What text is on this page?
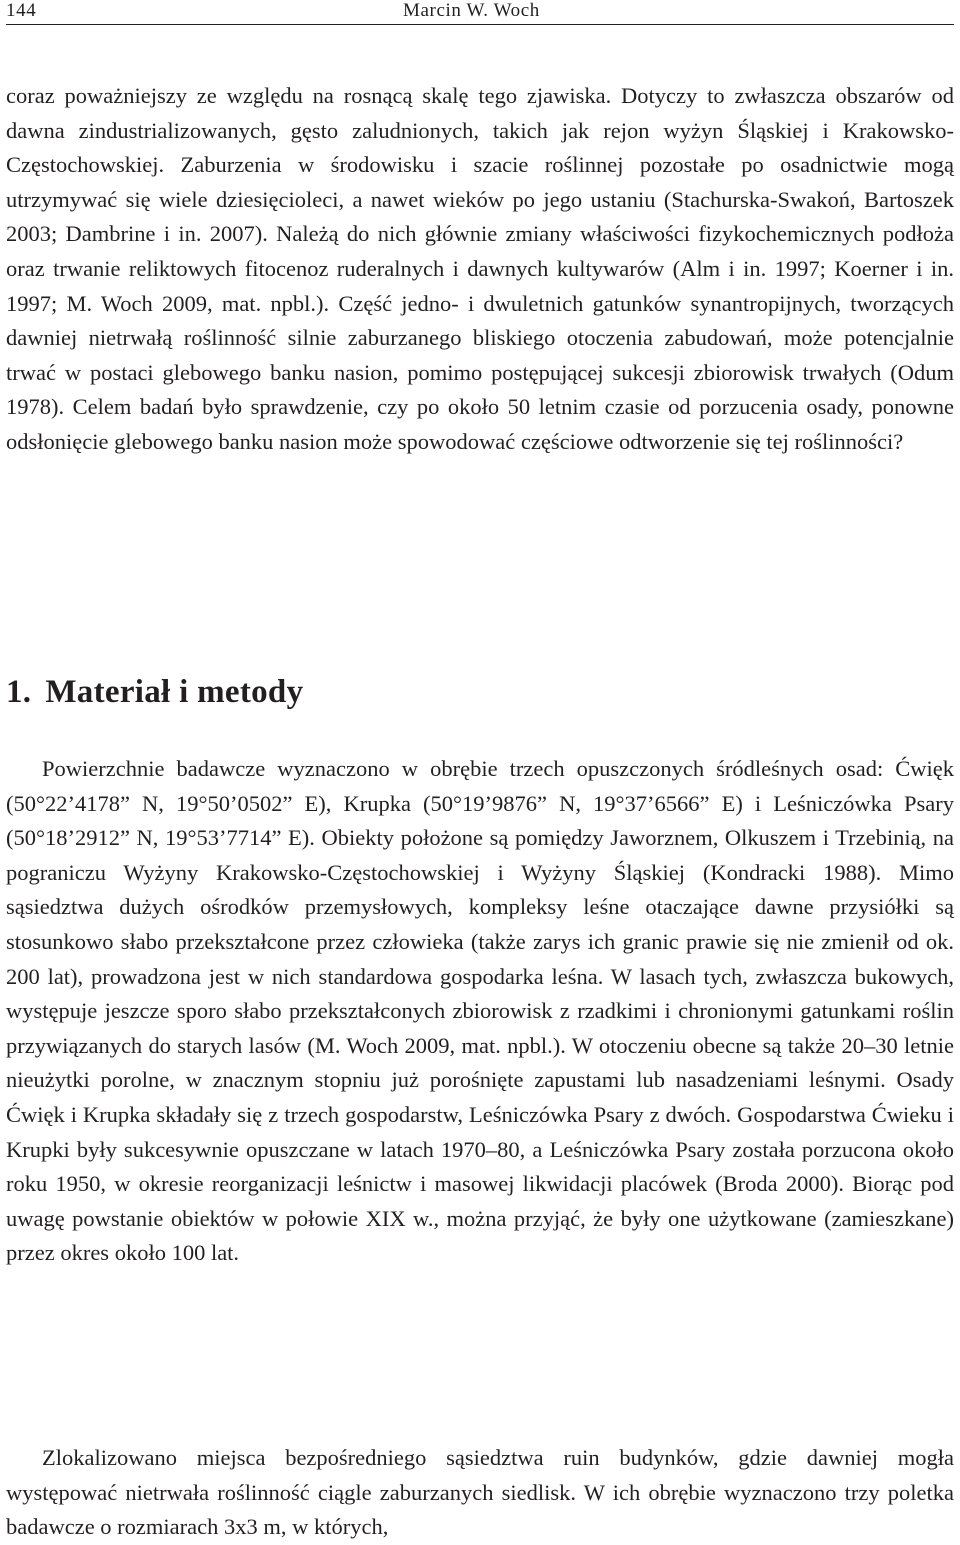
144	Marcin W. Woch

coraz poważniejszy ze względu na rosnącą skalę tego zjawiska. Dotyczy to zwłaszcza obszarów od dawna zindustrializowanych, gęsto zaludnionych, takich jak rejon wyżyn Śląskiej i Krakowsko-Częstochowskiej. Zaburzenia w środowisku i szacie roślinnej pozostałe po osadnictwie mogą utrzymywać się wiele dziesięcioleci, a nawet wieków po jego ustaniu (Stachurska-Swakoń, Bartoszek 2003; Dambrine i in. 2007). Należą do nich głównie zmiany właściwości fizykochemicznych podłoża oraz trwanie reliktowych fitocenoz ruderalnych i dawnych kultywarów (Alm i in. 1997; Koerner i in. 1997; M. Woch 2009, mat. npbl.). Część jedno- i dwuletnich gatunków synantropijnych, tworzących dawniej nietrwałą roślinność silnie zaburzanego bliskiego otoczenia zabudowań, może potencjalnie trwać w postaci glebowego banku nasion, pomimo postępującej sukcesji zbiorowisk trwałych (Odum 1978). Celem badań było sprawdzenie, czy po około 50 letnim czasie od porzucenia osady, ponowne odsłonięcie glebowego banku nasion może spowodować częściowe odtworzenie się tej roślinności?

1. Materiał i metody

Powierzchnie badawcze wyznaczono w obrębie trzech opuszczonych śródleśnych osad: Ćwięk (50°22’4178” N, 19°50’0502” E), Krupka (50°19’9876” N, 19°37’6566” E) i Leśniczówka Psary (50°18’2912” N, 19°53’7714” E). Obiekty położone są pomiędzy Jaworznem, Olkuszem i Trzebinią, na pograniczu Wyżyny Krakowsko-Częstochowskiej i Wyżyny Śląskiej (Kondracki 1988). Mimo sąsiedztwa dużych ośrodków przemysłowych, kompleksy leśne otaczające dawne przysiółki są stosunkowo słabo przekształcone przez człowieka (także zarys ich granic prawie się nie zmienił od ok. 200 lat), prowadzona jest w nich standardowa gospodarka leśna. W lasach tych, zwłaszcza bukowych, występuje jeszcze sporo słabo przekształconych zbiorowisk z rzadkimi i chronionymi gatunkami roślin przywiązanych do starych lasów (M. Woch 2009, mat. npbl.). W otoczeniu obecne są także 20–30 letnie nieużytki porolne, w znacznym stopniu już porośnięte zapustami lub nasadzeniami leśnymi. Osady Ćwięk i Krupka składały się z trzech gospodarstw, Leśniczówka Psary z dwóch. Gospodarstwa Ćwieku i Krupki były sukcesywnie opuszczane w latach 1970–80, a Leśniczówka Psary została porzucona około roku 1950, w okresie reorganizacji leśnictw i masowej likwidacji placówek (Broda 2000). Biorąc pod uwagę powstanie obiektów w połowie XIX w., można przyjąć, że były one użytkowane (zamieszkane) przez okres około 100 lat.

Zlokalizowano miejsca bezpośredniego sąsiedztwa ruin budynków, gdzie dawniej mogła występować nietrwała roślinność ciągle zaburzanych siedlisk. W ich obrębie wyznaczono trzy poletka badawcze o rozmiarach 3x3 m, w których,
